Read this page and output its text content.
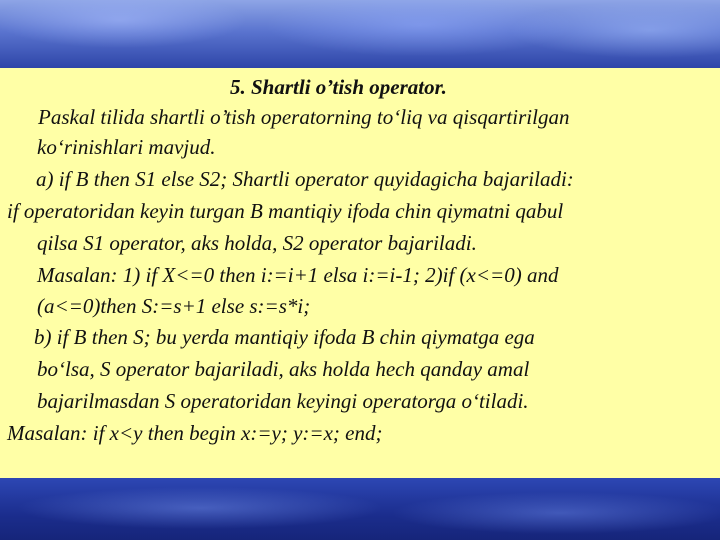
5. Shartli o’tish operator.
Paskal tilida shartli o’tish operatorning to‘liq va qisqartirilgan
ko‘rinishlari mavjud.
a) if B then S1 else S2; Shartli operator quyidagicha bajariladi:
if operatoridan keyin turgan B mantiqiy ifoda chin qiymatni qabul
qilsa S1 operator, aks holda, S2 operator bajariladi.
Masalan: 1) if X<=0 then i:=i+1 elsa i:=i-1; 2)if (x<=0) and
(a<=0)then S:=s+1 else s:=s*i;
b) if B then S; bu yerda mantiqiy ifoda B chin qiymatga ega
bo‘lsa, S operator bajariladi, aks holda hech qanday amal
bajarilmasdan S operatoridan keyingi operatorga o‘tiladi.
Masalan: if x<y then begin x:=y; y:=x; end;
